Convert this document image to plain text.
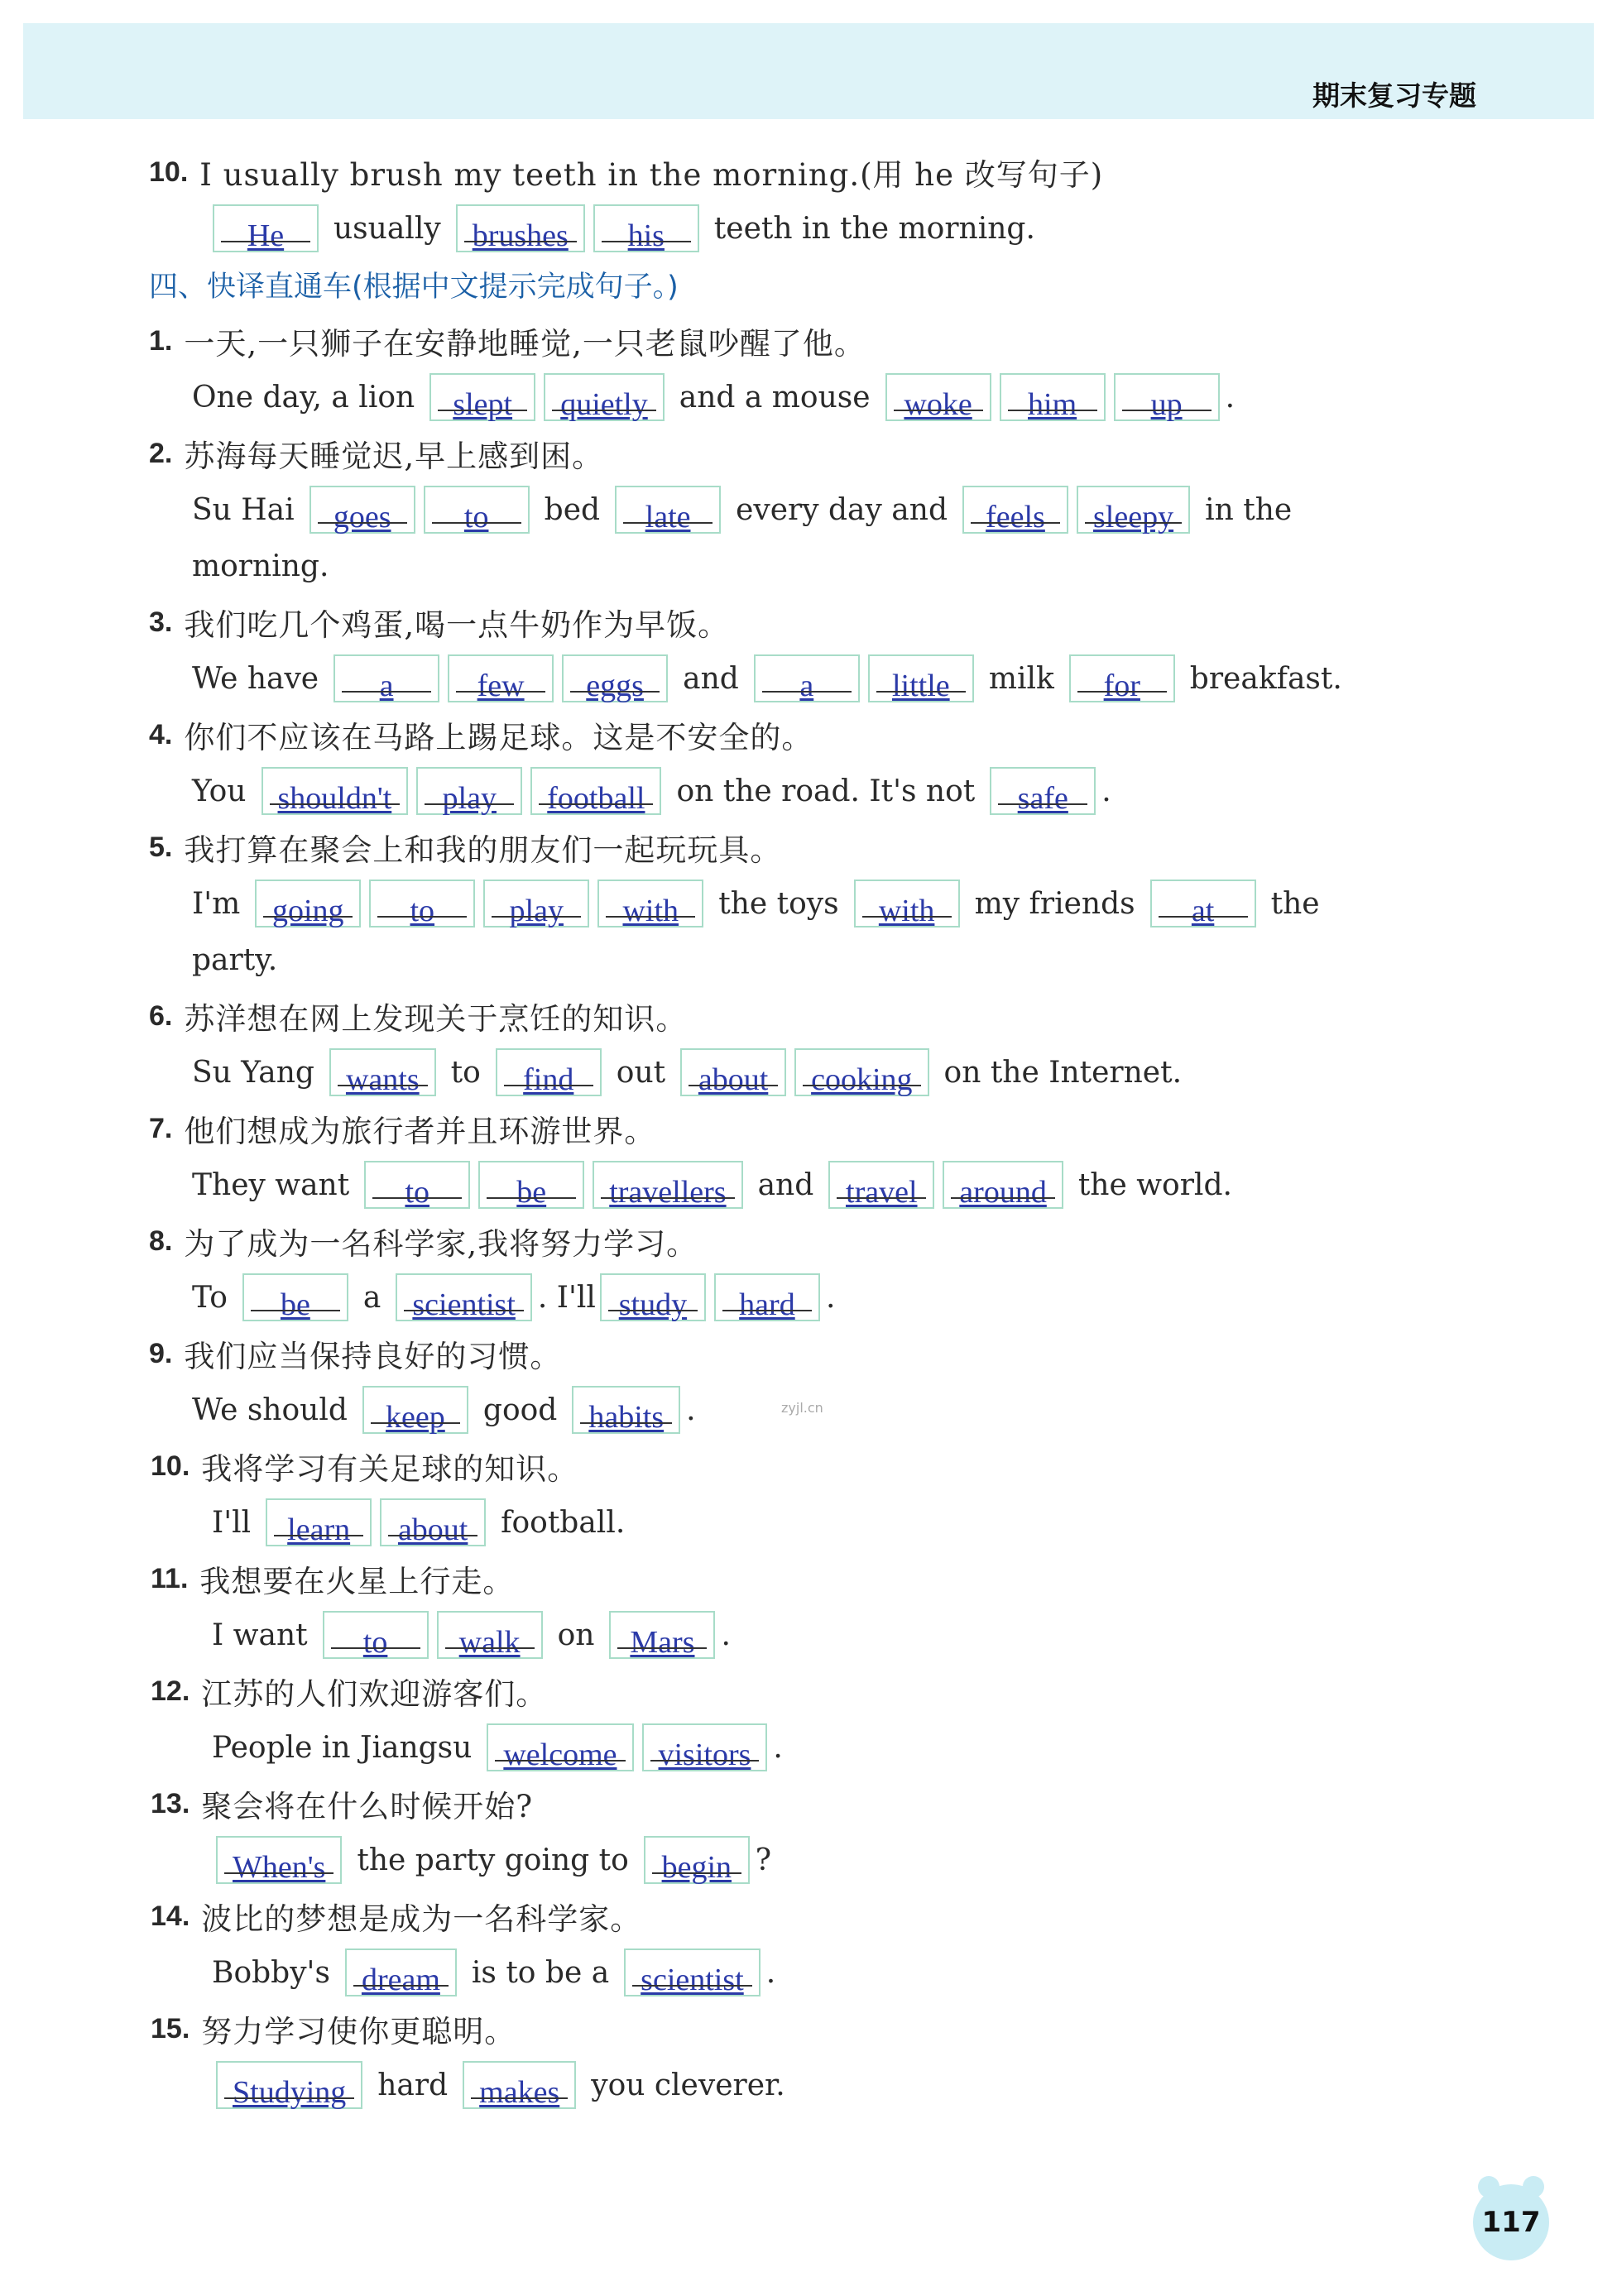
期末复习专题
10. I usually brush my teeth in the morning.(用 he 改写句子)
He	usually	brushes	his	teeth in the morning.
四、快译直通车 (根据中文提示完成句子。)
1. 一天,一只狮子在安静地睡觉,一只老鼠吵醒了他。
One day, a lion	slept	quietly	and a mouse	woke	him	up	.
2. 苏海每天睡觉迟,早上感到困。
Su Hai	goes	to	bed	late	every day and	feels	sleepy	in the
morning.
3. 我们吃几个鸡蛋,喝一点牛奶作为早饭。
We have	a	few	eggs	and	a	little	milk	for	breakfast.
4. 你们不应该在马路上踢足球。这是不安全的。
You	shouldn't	play	football	on the road. It's not	safe	.
5. 我打算在聚会上和我的朋友们一起玩玩具。
I'm	going	to	play	with	the toys	with	my friends	at	the
party.
6. 苏洋想在网上发现关于烹饪的知识。
Su Yang	wants	to	find	out	about	cooking	on the Internet.
7. 他们想成为旅行者并且环游世界。
They want	to	be	travellers	and	travel	around	the world.
8. 为了成为一名科学家,我将努力学习。
To	be	a	scientist . I'll study	hard	.
9. 我们应当保持良好的习惯。
We should	keep	good	habits .
10. 我将学习有关足球的知识。
I'll	learn	about	football.
11. 我想要在火星上行走。
I want	to	walk	on	Mars .
12. 江苏的人们欢迎游客们。
People in Jiangsu	welcome	visitors .
13. 聚会将在什么时候开始?
When's	the party going to	begin ?
14. 波比的梦想是成为一名科学家。
Bobby's	dream	is to be a	scientist .
15. 努力学习使你更聪明。
Studying	hard	makes	you cleverer.
zyjl.cn
117
